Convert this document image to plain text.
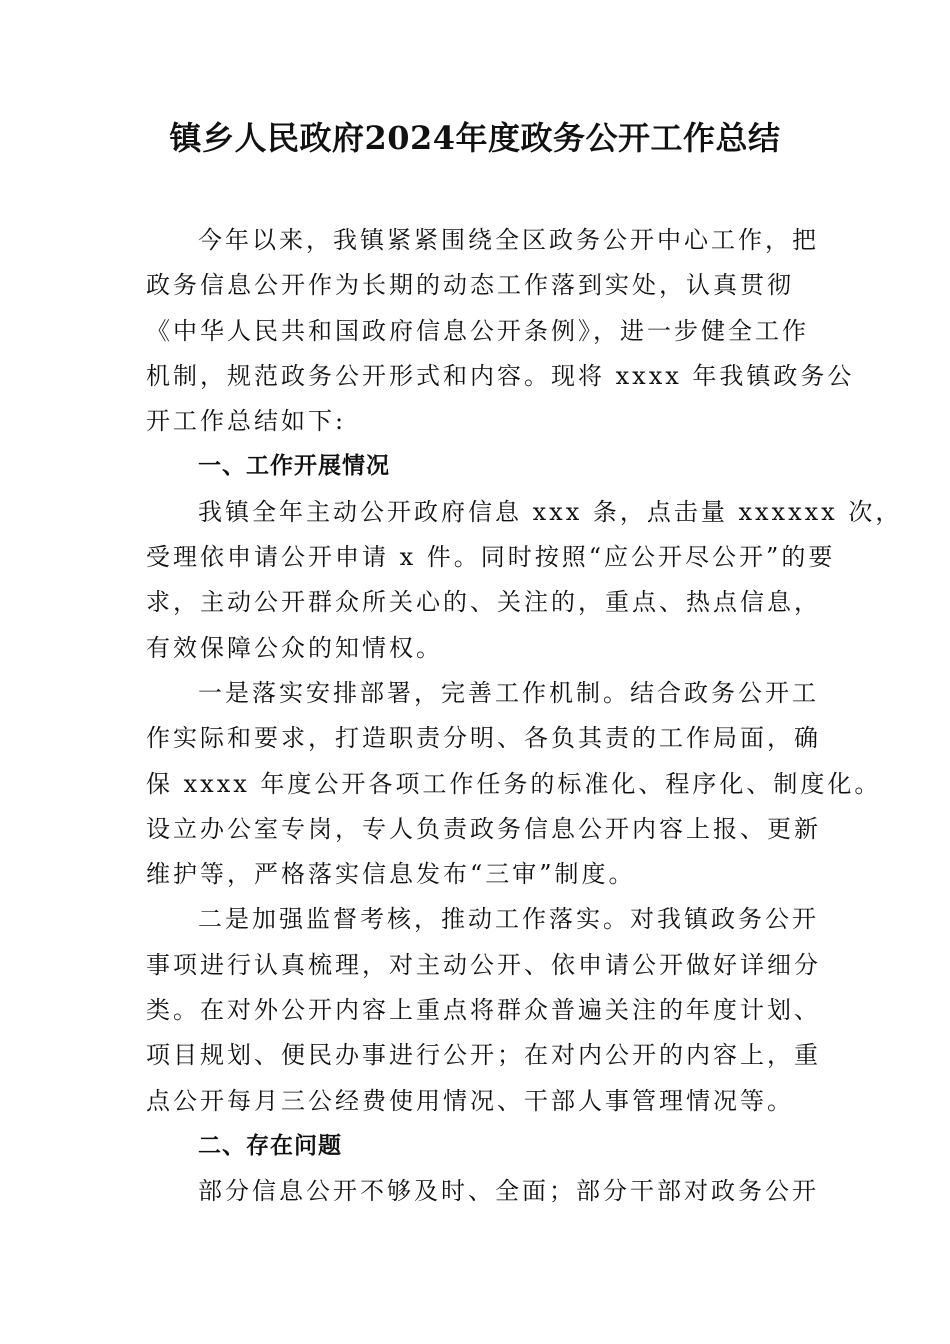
镇乡人民政府2024年度政务公开工作总结
今年以来，我镇紧紧围绕全区政务公开中心工作，把
政务信息公开作为长期的动态工作落到实处，认真贯彻
《中华人民共和国政府信息公开条例》，进一步健全工作
机制，规范政务公开形式和内容。现将 xxxx 年我镇政务公
开工作总结如下:
一、工作开展情况
我镇全年主动公开政府信息 xxx 条，点击量 xxxxxx 次，
受理依申请公开申请 x 件。同时按照“应公开尽公开”的要
求，主动公开群众所关心的、关注的，重点、热点信息，
有效保障公众的知情权。
一是落实安排部署，完善工作机制。结合政务公开工
作实际和要求，打造职责分明、各负其责的工作局面，确
保 xxxx 年度公开各项工作任务的标准化、程序化、制度化。
设立办公室专岗，专人负责政务信息公开内容上报、更新
维护等，严格落实信息发布“三审”制度。
二是加强监督考核，推动工作落实。对我镇政务公开
事项进行认真梳理，对主动公开、依申请公开做好详细分
类。在对外公开内容上重点将群众普遍关注的年度计划、
项目规划、便民办事进行公开；在对内公开的内容上，重
点公开每月三公经费使用情况、干部人事管理情况等。
二、存在问题
部分信息公开不够及时、全面；部分干部对政务公开
